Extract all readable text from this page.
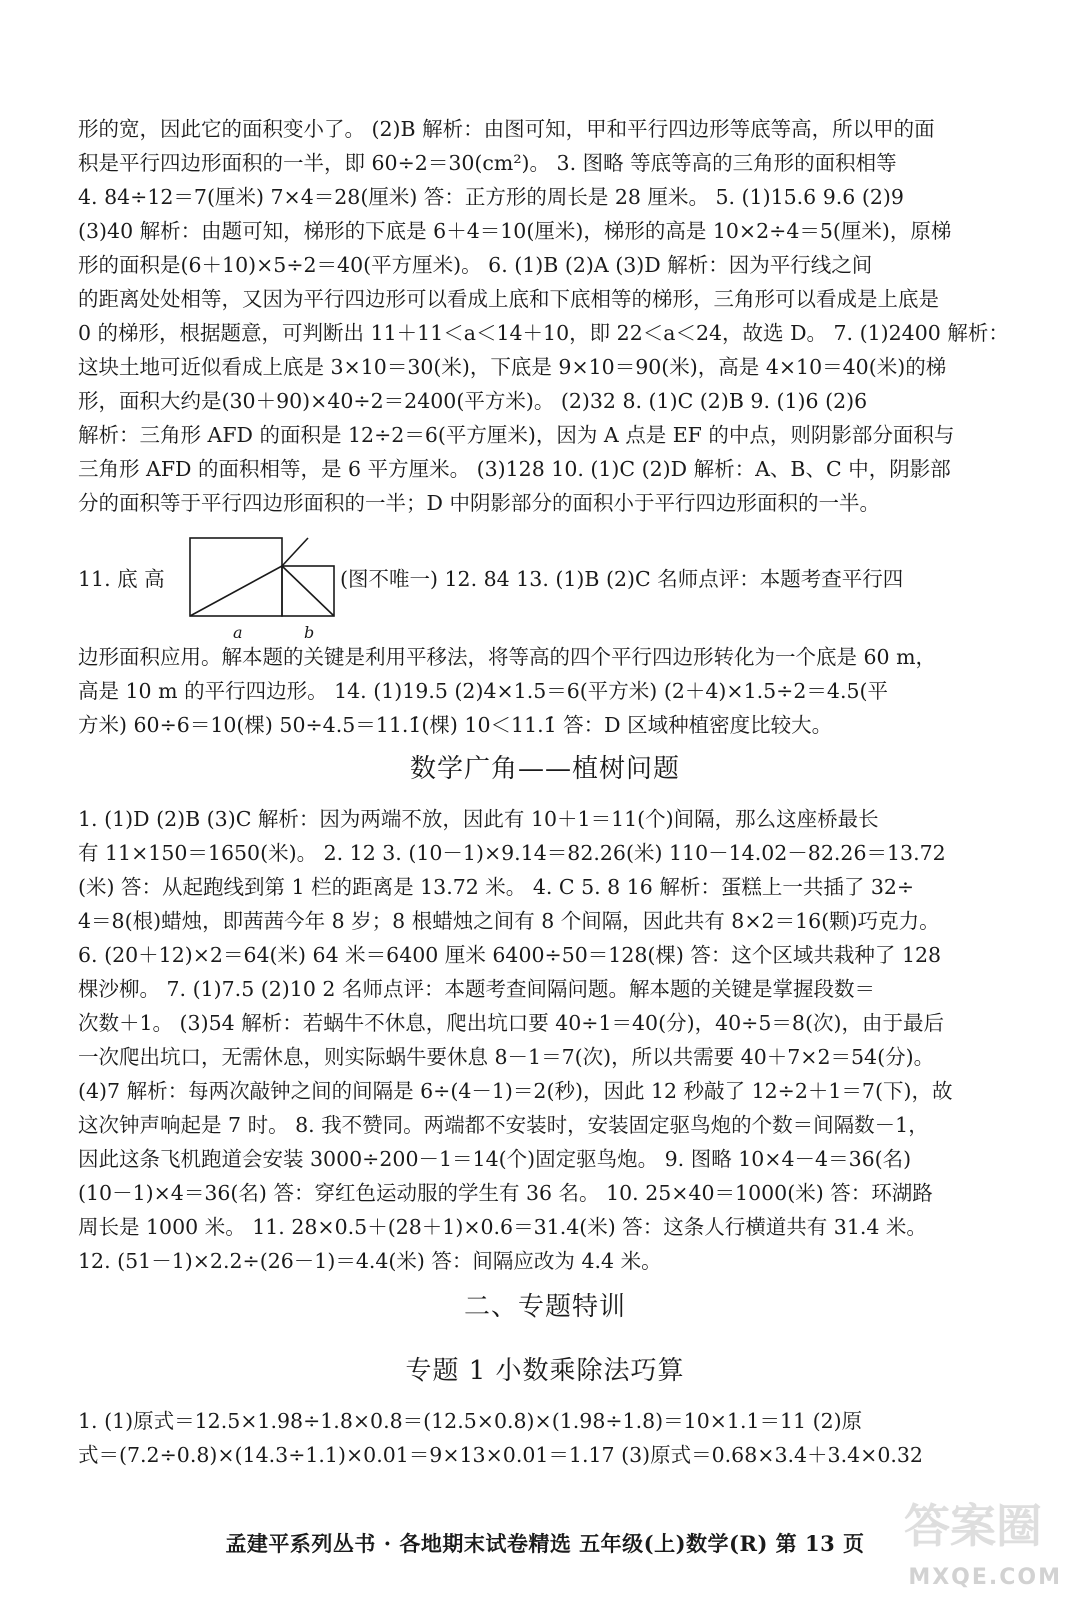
形的宽，因此它的面积变小了。 (2)B 解析：由图可知，甲和平行四边形等底等高，所以甲的面
积是平行四边形面积的一半，即 60÷2＝30(cm²)。 3. 图略 等底等高的三角形的面积相等
4. 84÷12＝7(厘米) 7×4＝28(厘米) 答：正方形的周长是 28 厘米。 5. (1)15.6 9.6 (2)9
(3)40 解析：由题可知，梯形的下底是 6＋4＝10(厘米)，梯形的高是 10×2÷4＝5(厘米)，原梯
形的面积是(6＋10)×5÷2＝40(平方厘米)。 6. (1)B (2)A (3)D 解析：因为平行线之间
的距离处处相等，又因为平行四边形可以看成上底和下底相等的梯形，三角形可以看成是上底是
0 的梯形，根据题意，可判断出 11＋11＜a＜14＋10，即 22＜a＜24，故选 D。 7. (1)2400 解析：
这块土地可近似看成上底是 3×10＝30(米)，下底是 9×10＝90(米)，高是 4×10＝40(米)的梯
形，面积大约是(30＋90)×40÷2＝2400(平方米)。 (2)32 8. (1)C (2)B 9. (1)6 (2)6
解析：三角形 AFD 的面积是 12÷2＝6(平方厘米)，因为 A 点是 EF 的中点，则阴影部分面积与
三角形 AFD 的面积相等，是 6 平方厘米。 (3)128 10. (1)C (2)D 解析：A、B、C 中，阴影部
分的面积等于平行四边形面积的一半；D 中阴影部分的面积小于平行四边形面积的一半。
11. 底 高
a	b
(图不唯一) 12. 84 13. (1)B (2)C 名师点评：本题考查平行四
边形面积应用。解本题的关键是利用平移法，将等高的四个平行四边形转化为一个底是 60 m，
高是 10 m 的平行四边形。 14. (1)19.5 (2)4×1.5＝6(平方米) (2＋4)×1.5÷2＝4.5(平
方米) 60÷6＝10(棵) 50÷4.5＝11.1̇(棵) 10＜11.1̇ 答：D 区域种植密度比较大。
数学广角——植树问题
1. (1)D (2)B (3)C 解析：因为两端不放，因此有 10＋1＝11(个)间隔，那么这座桥最长
有 11×150＝1650(米)。 2. 12 3. (10－1)×9.14＝82.26(米) 110－14.02－82.26＝13.72
(米) 答：从起跑线到第 1 栏的距离是 13.72 米。 4. C 5. 8 16 解析：蛋糕上一共插了 32÷
4＝8(根)蜡烛，即茜茜今年 8 岁；8 根蜡烛之间有 8 个间隔，因此共有 8×2＝16(颗)巧克力。
6. (20＋12)×2＝64(米) 64 米＝6400 厘米 6400÷50＝128(棵) 答：这个区域共栽种了 128
棵沙柳。 7. (1)7.5 (2)10 2 名师点评：本题考查间隔问题。解本题的关键是掌握段数＝
次数＋1。 (3)54 解析：若蜗牛不休息，爬出坑口要 40÷1＝40(分)，40÷5＝8(次)，由于最后
一次爬出坑口，无需休息，则实际蜗牛要休息 8－1＝7(次)，所以共需要 40＋7×2＝54(分)。
(4)7 解析：每两次敲钟之间的间隔是 6÷(4－1)＝2(秒)，因此 12 秒敲了 12÷2＋1＝7(下)，故
这次钟声响起是 7 时。 8. 我不赞同。两端都不安装时，安装固定驱鸟炮的个数＝间隔数－1，
因此这条飞机跑道会安装 3000÷200－1＝14(个)固定驱鸟炮。 9. 图略 10×4－4＝36(名)
(10－1)×4＝36(名) 答：穿红色运动服的学生有 36 名。 10. 25×40＝1000(米) 答：环湖路
周长是 1000 米。 11. 28×0.5＋(28＋1)×0.6＝31.4(米) 答：这条人行横道共有 31.4 米。
12. (51－1)×2.2÷(26－1)＝4.4(米) 答：间隔应改为 4.4 米。
二、专题特训
专题 1 小数乘除法巧算
1. (1)原式＝12.5×1.98÷1.8×0.8＝(12.5×0.8)×(1.98÷1.8)＝10×1.1＝11 (2)原
式＝(7.2÷0.8)×(14.3÷1.1)×0.01＝9×13×0.01＝1.17 (3)原式＝0.68×3.4＋3.4×0.32
孟建平系列丛书 · 各地期末试卷精选 五年级(上)数学(R) 第 13 页 答案圈
MXQE.COM
